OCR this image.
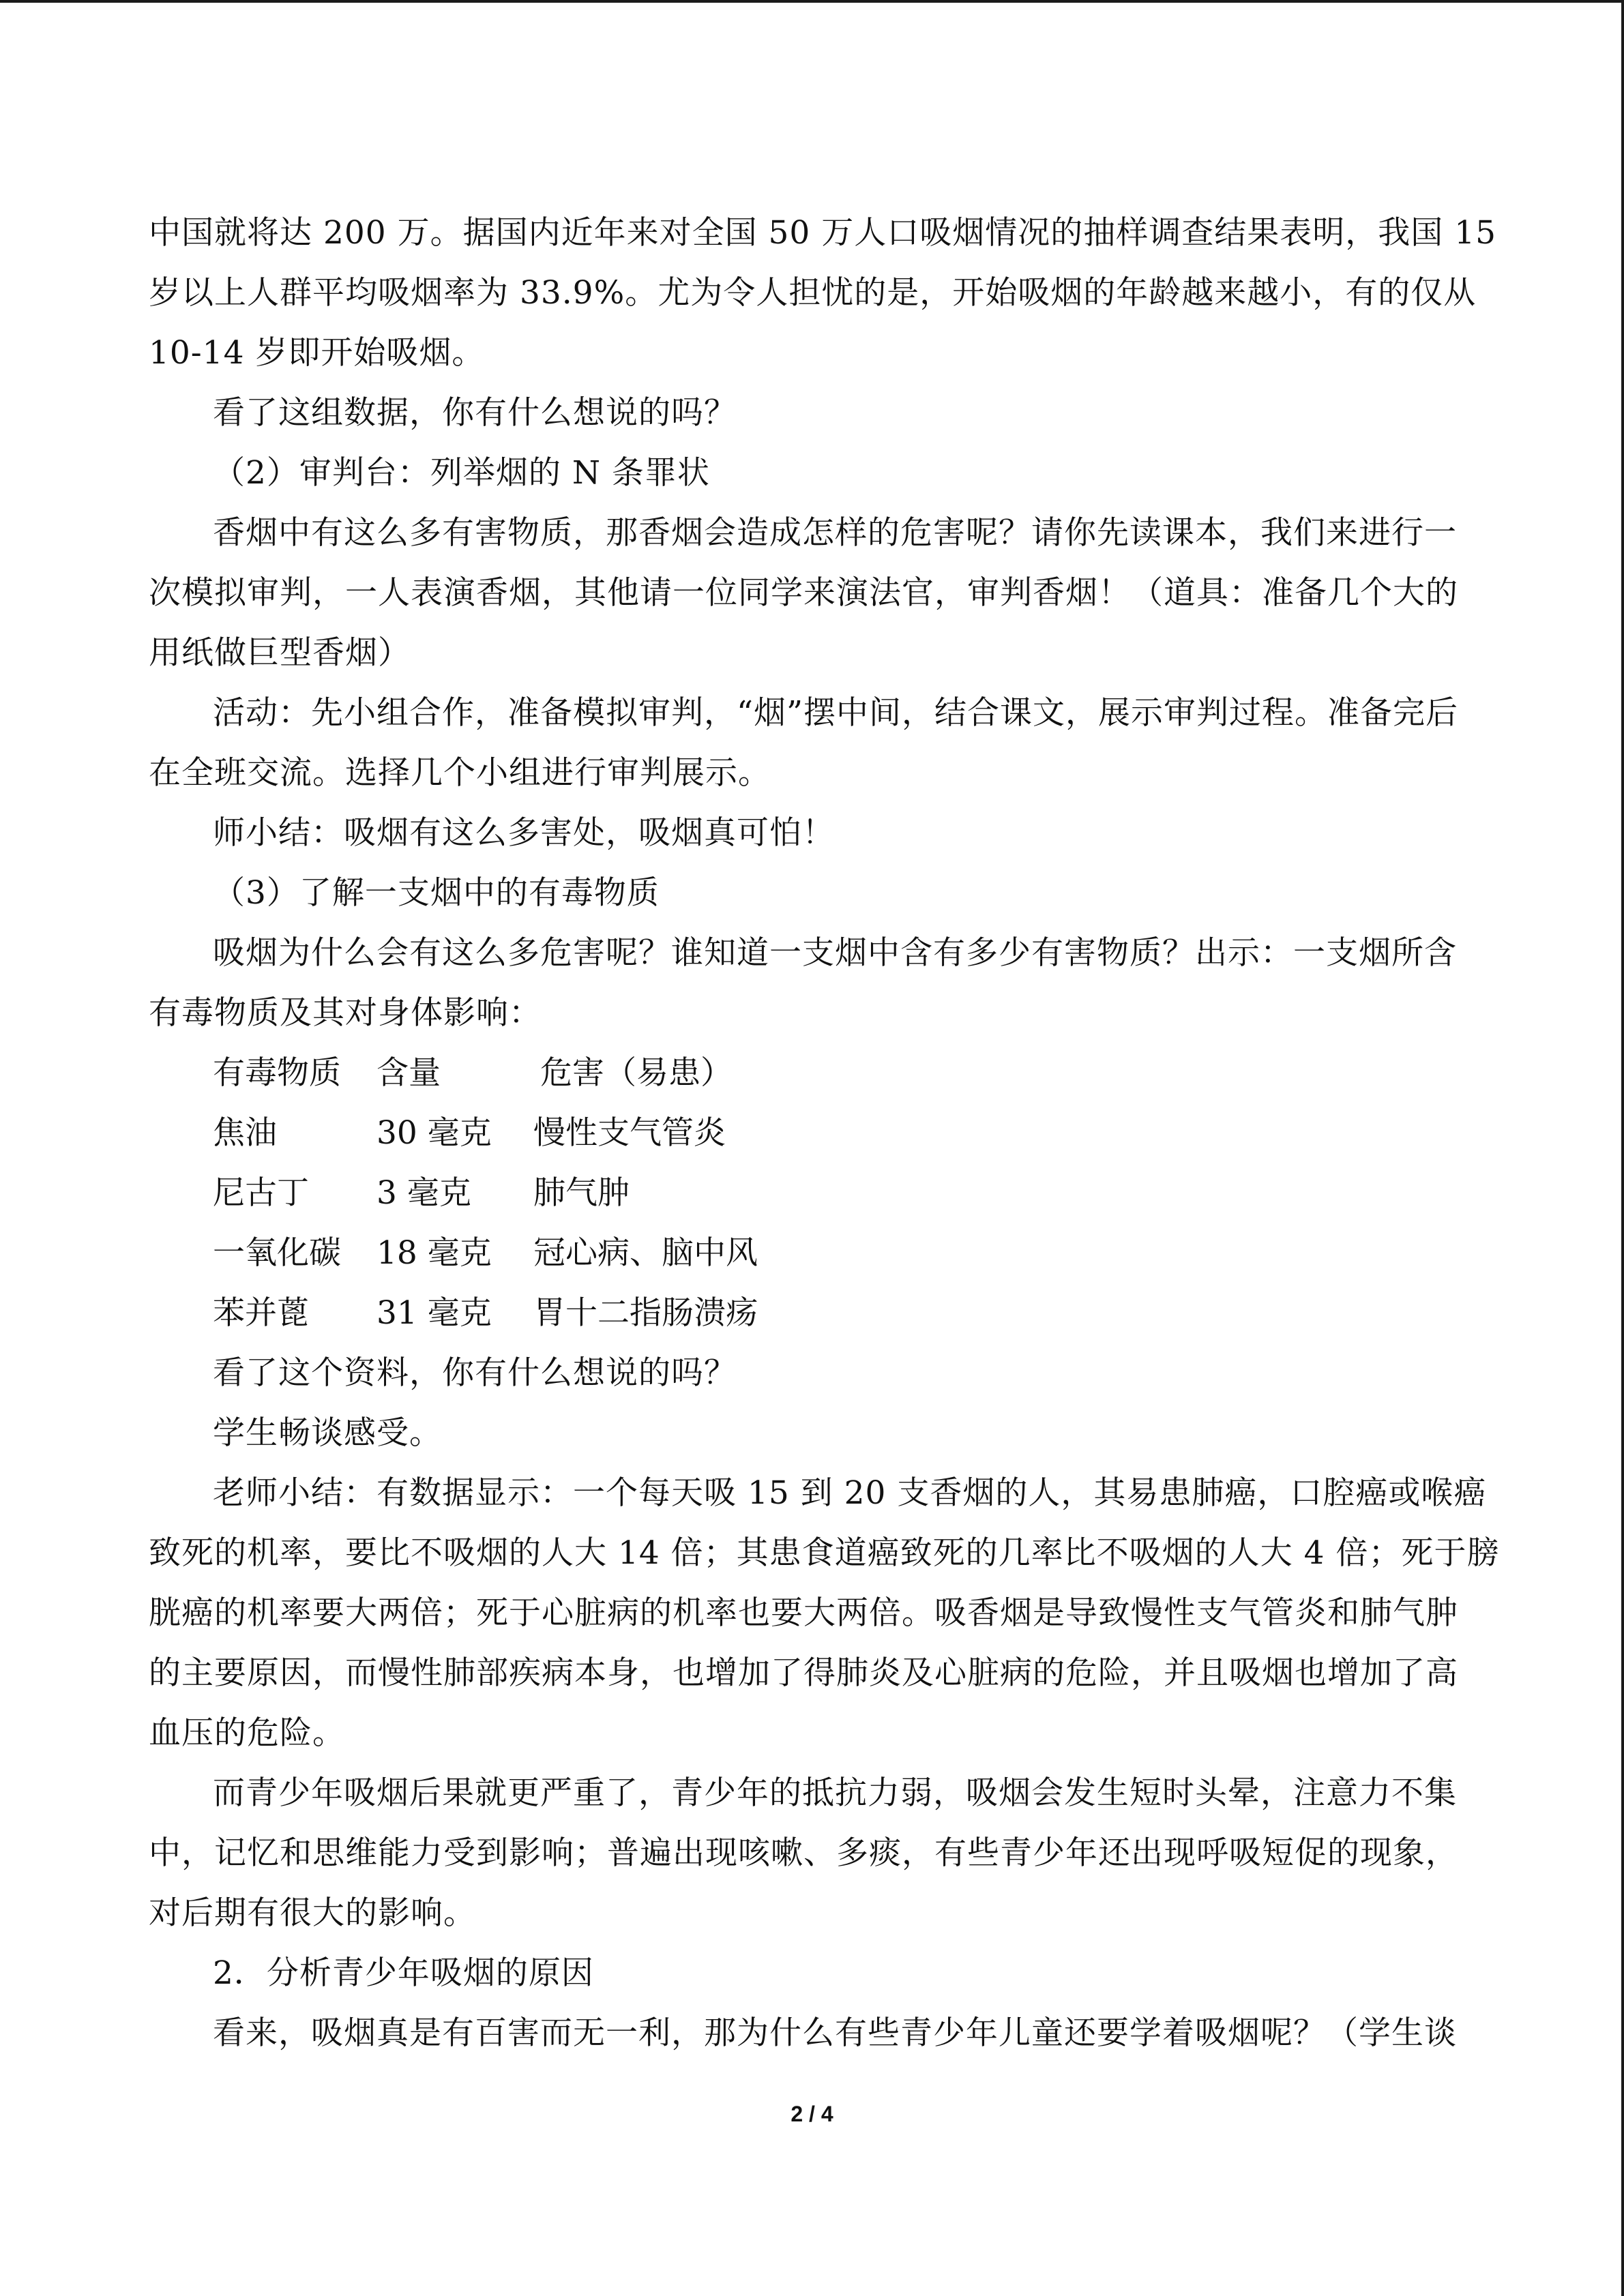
中国就将达 200 万。据国内近年来对全国 50 万人口吸烟情况的抽样调查结果表明，我国 15
岁以上人群平均吸烟率为 33.9%。尤为令人担忧的是，开始吸烟的年龄越来越小，有的仅从
10-14 岁即开始吸烟。
看了这组数据，你有什么想说的吗？
（2）审判台：列举烟的 N 条罪状
香烟中有这么多有害物质，那香烟会造成怎样的危害呢？请你先读课本，我们来进行一
次模拟审判，一人表演香烟，其他请一位同学来演法官，审判香烟！（道具：准备几个大的
用纸做巨型香烟）
活动：先小组合作，准备模拟审判，“烟”摆中间，结合课文，展示审判过程。准备完后
在全班交流。选择几个小组进行审判展示。
师小结：吸烟有这么多害处，吸烟真可怕！
（3）了解一支烟中的有毒物质
吸烟为什么会有这么多危害呢？谁知道一支烟中含有多少有害物质？出示：一支烟所含
有毒物质及其对身体影响：
有毒物质 含量	危害（易患）
焦油	30 毫克 慢性支气管炎
尼古丁 3 毫克 肺气肿
一氧化碳 18 毫克 冠心病、脑中风
苯并蓖 31 毫克 胃十二指肠溃疡
看了这个资料，你有什么想说的吗？
学生畅谈感受。
老师小结：有数据显示：一个每天吸 15 到 20 支香烟的人，其易患肺癌，口腔癌或喉癌
致死的机率，要比不吸烟的人大 14 倍；其患食道癌致死的几率比不吸烟的人大 4 倍；死于膀
胱癌的机率要大两倍；死于心脏病的机率也要大两倍。吸香烟是导致慢性支气管炎和肺气肿
的主要原因，而慢性肺部疾病本身，也增加了得肺炎及心脏病的危险，并且吸烟也增加了高
血压的危险。
而青少年吸烟后果就更严重了，青少年的抵抗力弱，吸烟会发生短时头晕，注意力不集
中，记忆和思维能力受到影响；普遍出现咳嗽、多痰，有些青少年还出现呼吸短促的现象，
对后期有很大的影响。
2．分析青少年吸烟的原因
看来，吸烟真是有百害而无一利，那为什么有些青少年儿童还要学着吸烟呢？（学生谈
2 / 4
